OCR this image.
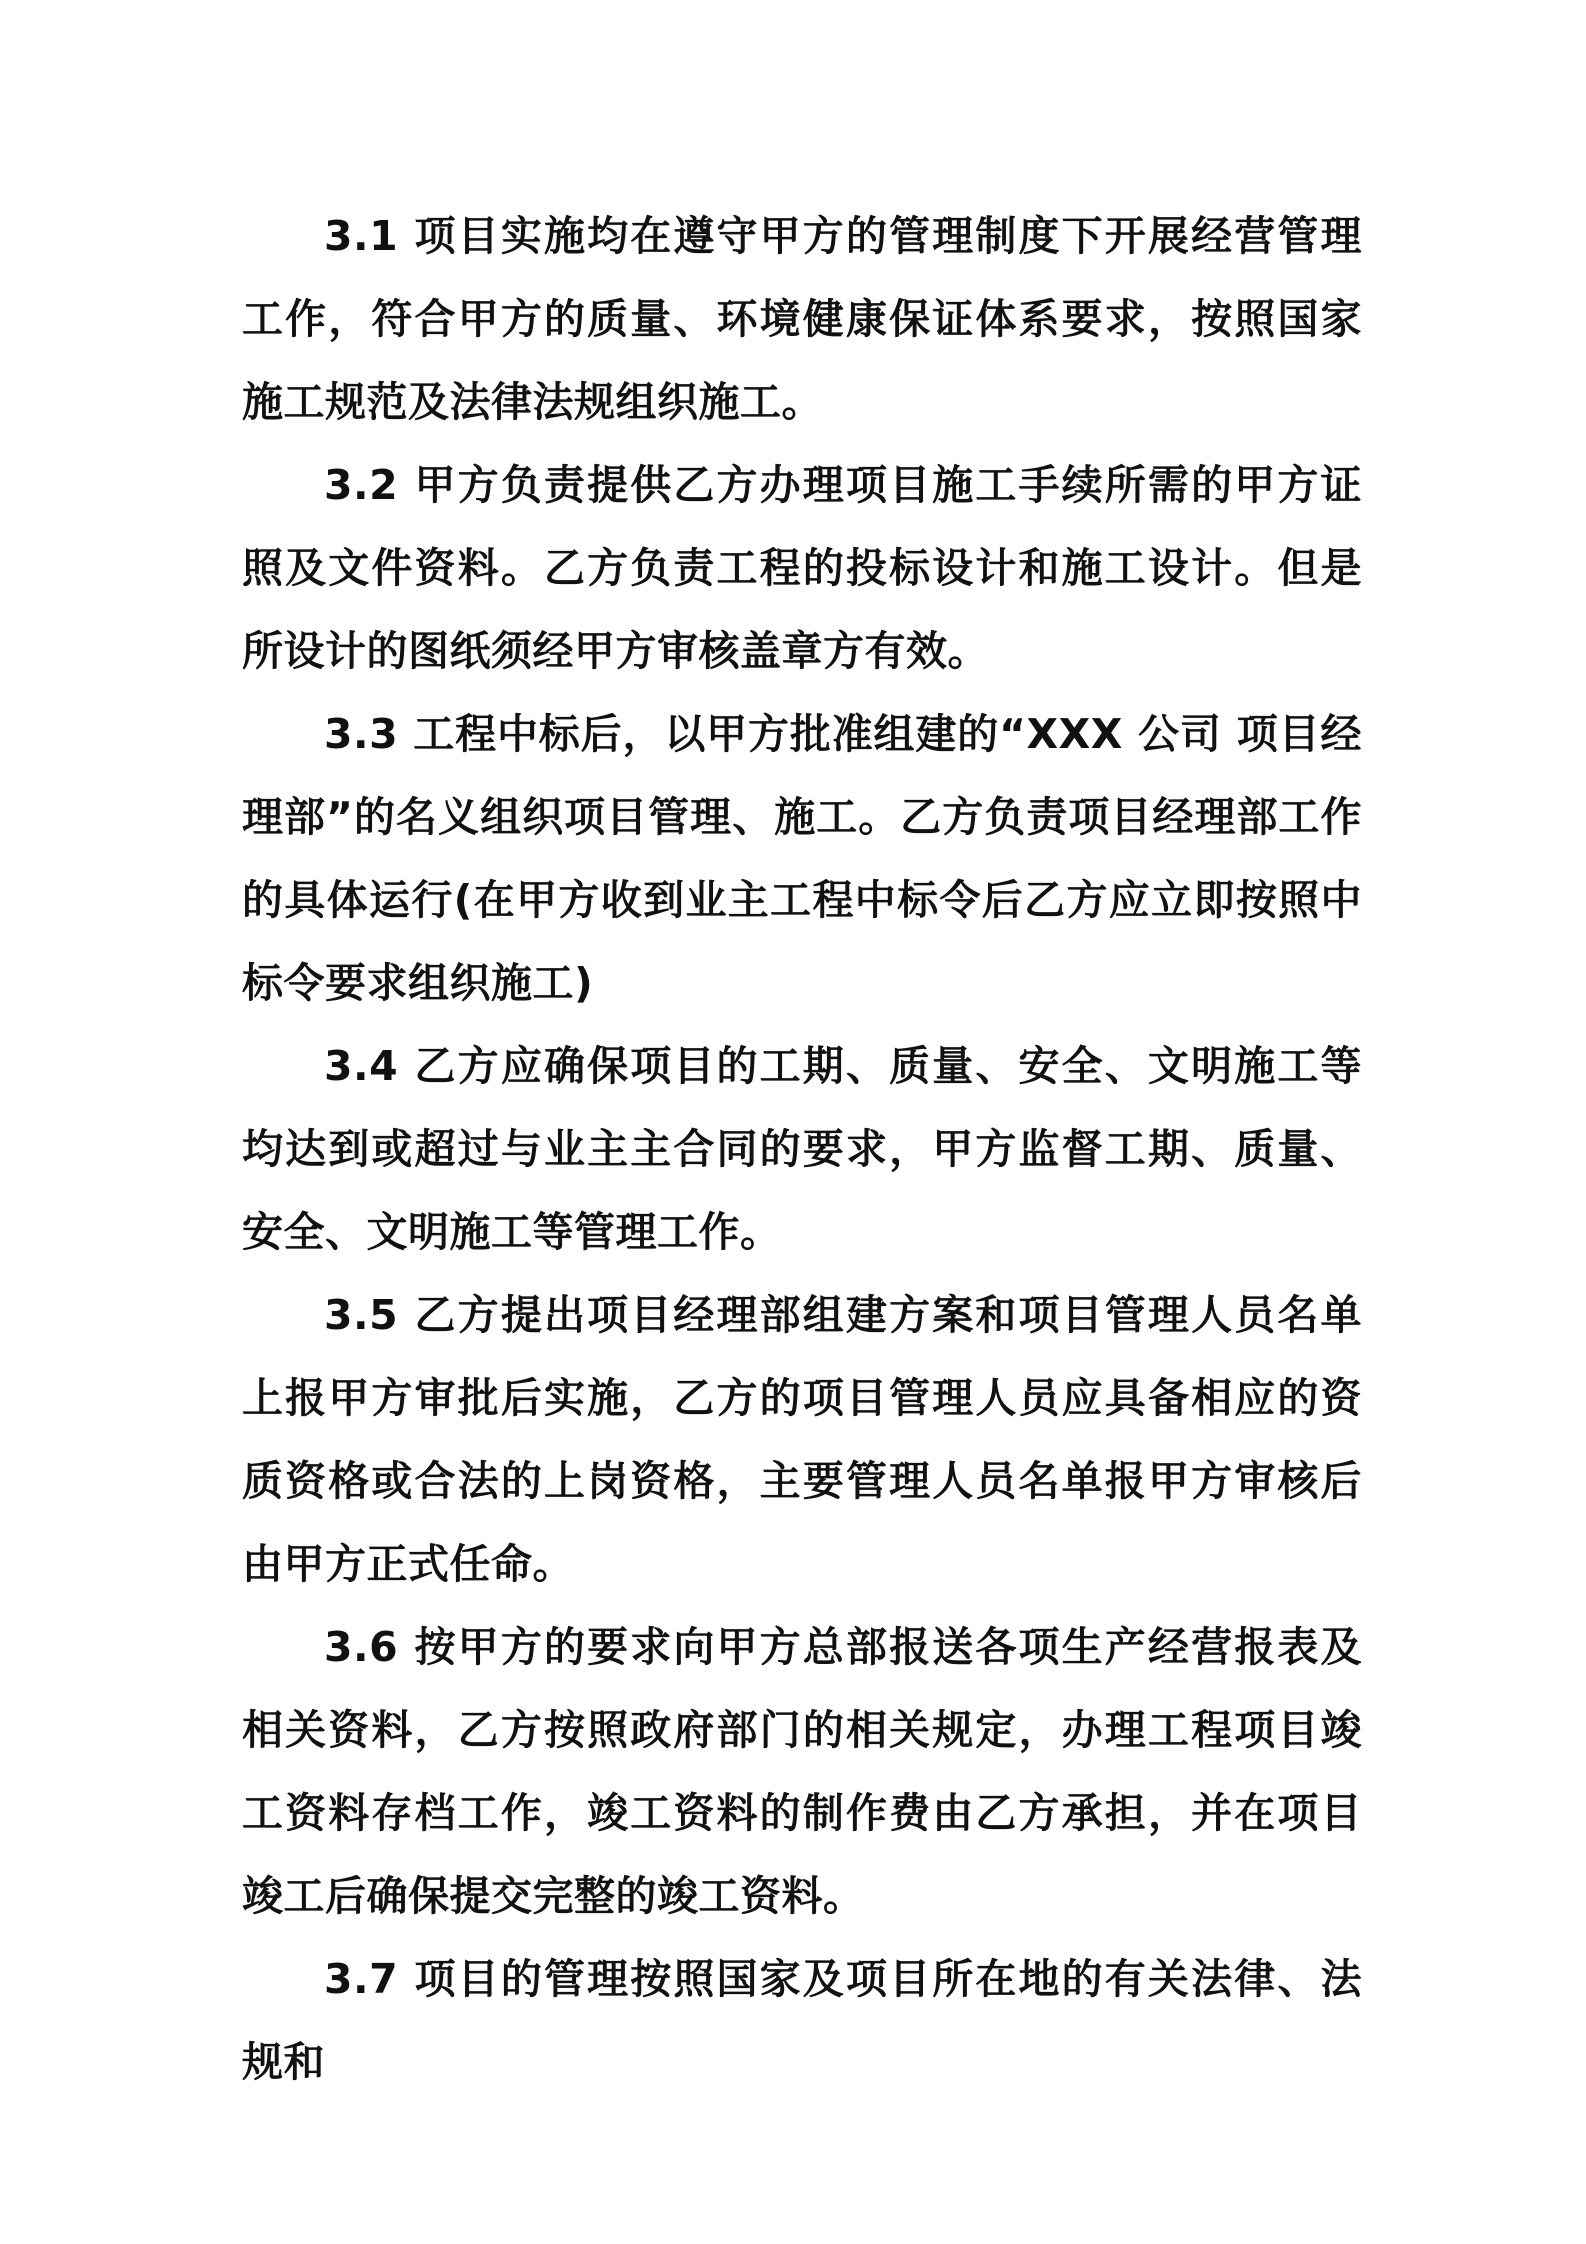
3.1 项目实施均在遵守甲方的管理制度下开展经营管理工作，符合甲方的质量、环境健康保证体系要求，按照国家施工规范及法律法规组织施工。

3.2 甲方负责提供乙方办理项目施工手续所需的甲方证照及文件资料。乙方负责工程的投标设计和施工设计。但是所设计的图纸须经甲方审核盖章方有效。

3.3 工程中标后，以甲方批准组建的“XXX 公司 项目经理部”的名义组织项目管理、施工。乙方负责项目经理部工作的具体运行(在甲方收到业主工程中标令后乙方应立即按照中标令要求组织施工)

3.4 乙方应确保项目的工期、质量、安全、文明施工等均达到或超过与业主主合同的要求，甲方监督工期、质量、安全、文明施工等管理工作。

3.5 乙方提出项目经理部组建方案和项目管理人员名单上报甲方审批后实施，乙方的项目管理人员应具备相应的资质资格或合法的上岗资格，主要管理人员名单报甲方审核后由甲方正式任命。

3.6 按甲方的要求向甲方总部报送各项生产经营报表及相关资料，乙方按照政府部门的相关规定，办理工程项目竣工资料存档工作，竣工资料的制作费由乙方承担，并在项目竣工后确保提交完整的竣工资料。

3.7 项目的管理按照国家及项目所在地的有关法律、法规和
